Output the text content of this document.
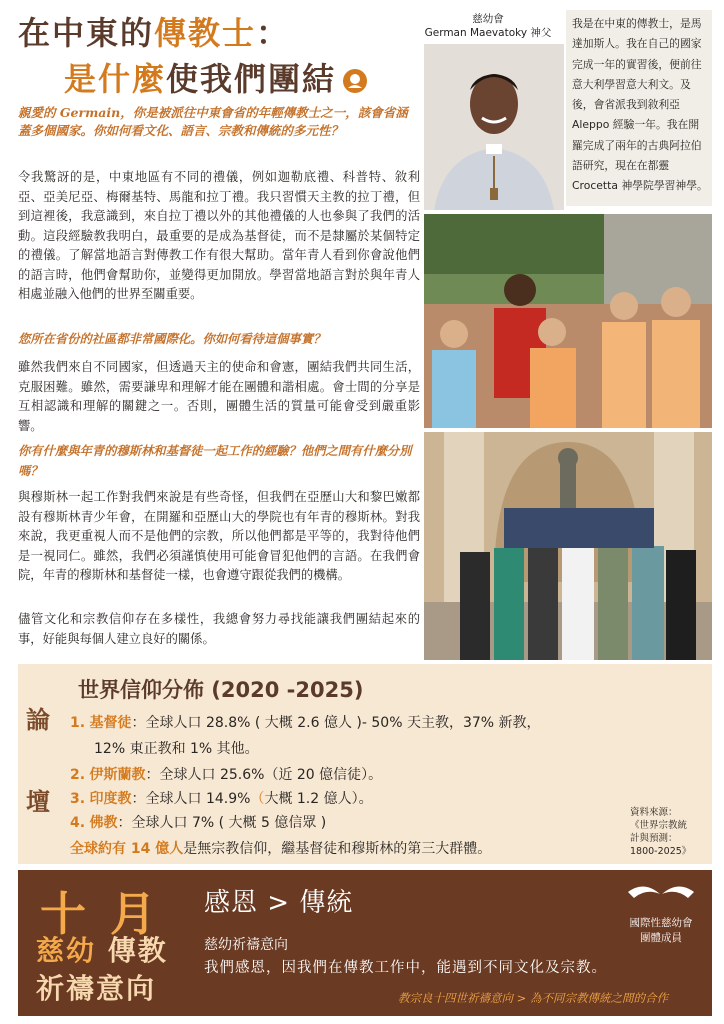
在中東的傳教士：
是什麼使我們團結
親愛的 Germain，你是被派往中東會省的年輕傳教士之一，該會省涵蓋多個國家。你如何看文化、語言、宗教和傳統的多元性？
令我驚訝的是，中東地區有不同的禮儀，例如迦勒底禮、科普特、敘利亞、亞美尼亞、梅爾基特、馬龍和拉丁禮。我只習慣天主教的拉丁禮，但到這裡後，我意識到，來自拉丁禮以外的其他禮儀的人也參與了我們的活動。這段經驗教我明白，最重要的是成為基督徒，而不是隸屬於某個特定的禮儀。了解當地語言對傳教工作有很大幫助。當年青人看到你會說他們的語言時，他們會幫助你，並變得更加開放。學習當地語言對於與年青人相處並融入他們的世界至關重要。
您所在省份的社區都非常國際化。你如何看待這個事實？
雖然我們來自不同國家，但透過天主的使命和會憲，團結我們共同生活，克服困難。雖然，需要謙卑和理解才能在團體和諧相處。會士間的分享是互相認識和理解的關鍵之一。否則，團體生活的質量可能會受到嚴重影響。
你有什麼與年青的穆斯林和基督徒一起工作的經驗？他們之間有什麼分別嗎？
與穆斯林一起工作對我們來說是有些奇怪，但我們在亞歷山大和黎巴嫩都設有穆斯林青少年會，在開羅和亞歷山大的學院也有年青的穆斯林。對我來說，我更重視人而不是他們的宗教，所以他們都是平等的，我對待他們是一視同仁。雖然，我們必須謹慎使用可能會冒犯他們的言語。在我們會院，年青的穆斯林和基督徒一樣，也會遵守跟從我們的機構。
儘管文化和宗教信仰存在多樣性，我總會努力尋找能讓我們團結起來的事，好能與每個人建立良好的關係。
慈幼會
German Maevatoky 神父
我是在中東的傳教士，是馬達加斯人。我在自己的國家完成一年的實習後，便前往意大利學習意大利文。及後，會省派我到敘利亞 Aleppo 經驗一年。我在開羅完成了兩年的古典阿拉伯語研究，現在在都靈 Crocetta 神學院學習神學。
論
壇
世界信仰分佈 (2020 -2025)
1. 基督徒：全球人口 28.8% ( 大概 2.6 億人 )- 50% 天主教，37% 新教，
12% 東正教和 1% 其他。
2. 伊斯蘭教：全球人口 25.6%（近 20 億信徒）。
3. 印度教：全球人口 14.9%（大概 1.2 億人）。
4. 佛教：全球人口 7% ( 大概 5 億信眾 )
全球約有 14 億人是無宗教信仰，繼基督徒和穆斯林的第三大群體。
資料來源：
《世界宗教統
計與預測：
1800-2025》
十月
慈幼 傳教
祈禱意向
感恩 > 傳統
慈幼祈禱意向
我們感恩，因我們在傳教工作中，能遇到不同文化及宗教。
國際性慈幼會
團體成員
教宗良十四世祈禱意向 > 為不同宗教傳統之間的合作
